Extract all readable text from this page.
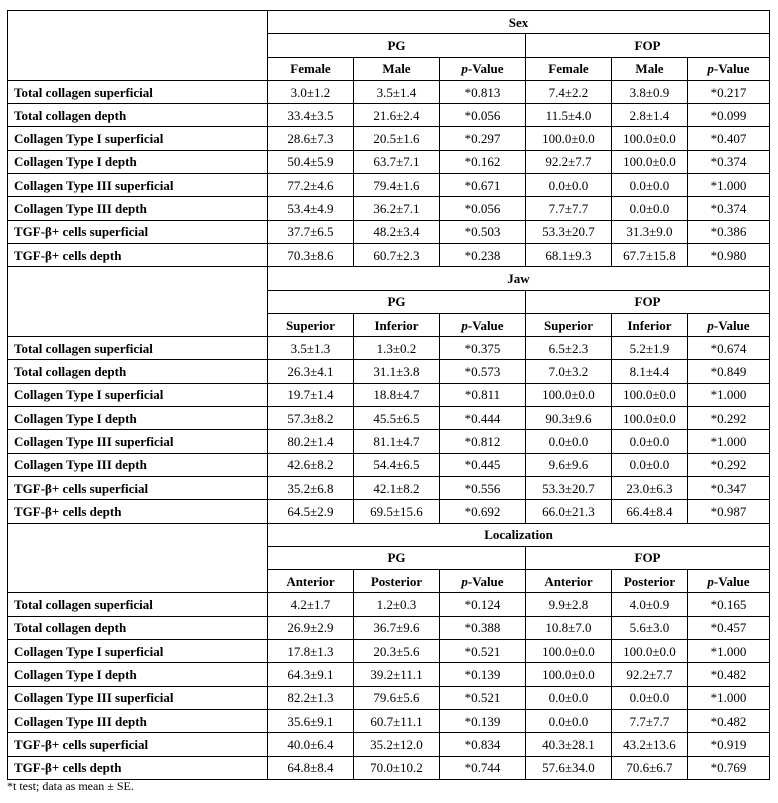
	Sex					
	PG			FOP		
	Female	Male	p-Value	Female	Male	p-Value
Total collagen superficial	3.0±1.2	3.5±1.4	*0.813	7.4±2.2	3.8±0.9	*0.217
Total collagen depth	33.4±3.5	21.6±2.4	*0.056	11.5±4.0	2.8±1.4	*0.099
Collagen Type I superficial	28.6±7.3	20.5±1.6	*0.297	100.0±0.0	100.0±0.0	*0.407
Collagen Type I depth	50.4±5.9	63.7±7.1	*0.162	92.2±7.7	100.0±0.0	*0.374
Collagen Type III superficial	77.2±4.6	79.4±1.6	*0.671	0.0±0.0	0.0±0.0	*1.000
Collagen Type III depth	53.4±4.9	36.2±7.1	*0.056	7.7±7.7	0.0±0.0	*0.374
TGF-β+ cells superficial	37.7±6.5	48.2±3.4	*0.503	53.3±20.7	31.3±9.0	*0.386
TGF-β+ cells depth	70.3±8.6	60.7±2.3	*0.238	68.1±9.3	67.7±15.8	*0.980
	Jaw					
	PG			FOP		
	Superior	Inferior	p-Value	Superior	Inferior	p-Value
Total collagen superficial	3.5±1.3	1.3±0.2	*0.375	6.5±2.3	5.2±1.9	*0.674
Total collagen depth	26.3±4.1	31.1±3.8	*0.573	7.0±3.2	8.1±4.4	*0.849
Collagen Type I superficial	19.7±1.4	18.8±4.7	*0.811	100.0±0.0	100.0±0.0	*1.000
Collagen Type I depth	57.3±8.2	45.5±6.5	*0.444	90.3±9.6	100.0±0.0	*0.292
Collagen Type III superficial	80.2±1.4	81.1±4.7	*0.812	0.0±0.0	0.0±0.0	*1.000
Collagen Type III depth	42.6±8.2	54.4±6.5	*0.445	9.6±9.6	0.0±0.0	*0.292
TGF-β+ cells superficial	35.2±6.8	42.1±8.2	*0.556	53.3±20.7	23.0±6.3	*0.347
TGF-β+ cells depth	64.5±2.9	69.5±15.6	*0.692	66.0±21.3	66.4±8.4	*0.987
	Localization					
	PG			FOP		
	Anterior	Posterior	p-Value	Anterior	Posterior	p-Value
Total collagen superficial	4.2±1.7	1.2±0.3	*0.124	9.9±2.8	4.0±0.9	*0.165
Total collagen depth	26.9±2.9	36.7±9.6	*0.388	10.8±7.0	5.6±3.0	*0.457
Collagen Type I superficial	17.8±1.3	20.3±5.6	*0.521	100.0±0.0	100.0±0.0	*1.000
Collagen Type I depth	64.3±9.1	39.2±11.1	*0.139	100.0±0.0	92.2±7.7	*0.482
Collagen Type III superficial	82.2±1.3	79.6±5.6	*0.521	0.0±0.0	0.0±0.0	*1.000
Collagen Type III depth	35.6±9.1	60.7±11.1	*0.139	0.0±0.0	7.7±7.7	*0.482
TGF-β+ cells superficial	40.0±6.4	35.2±12.0	*0.834	40.3±28.1	43.2±13.6	*0.919
TGF-β+ cells depth	64.8±8.4	70.0±10.2	*0.744	57.6±34.0	70.6±6.7	*0.769
*t test; data as mean ± SE.
